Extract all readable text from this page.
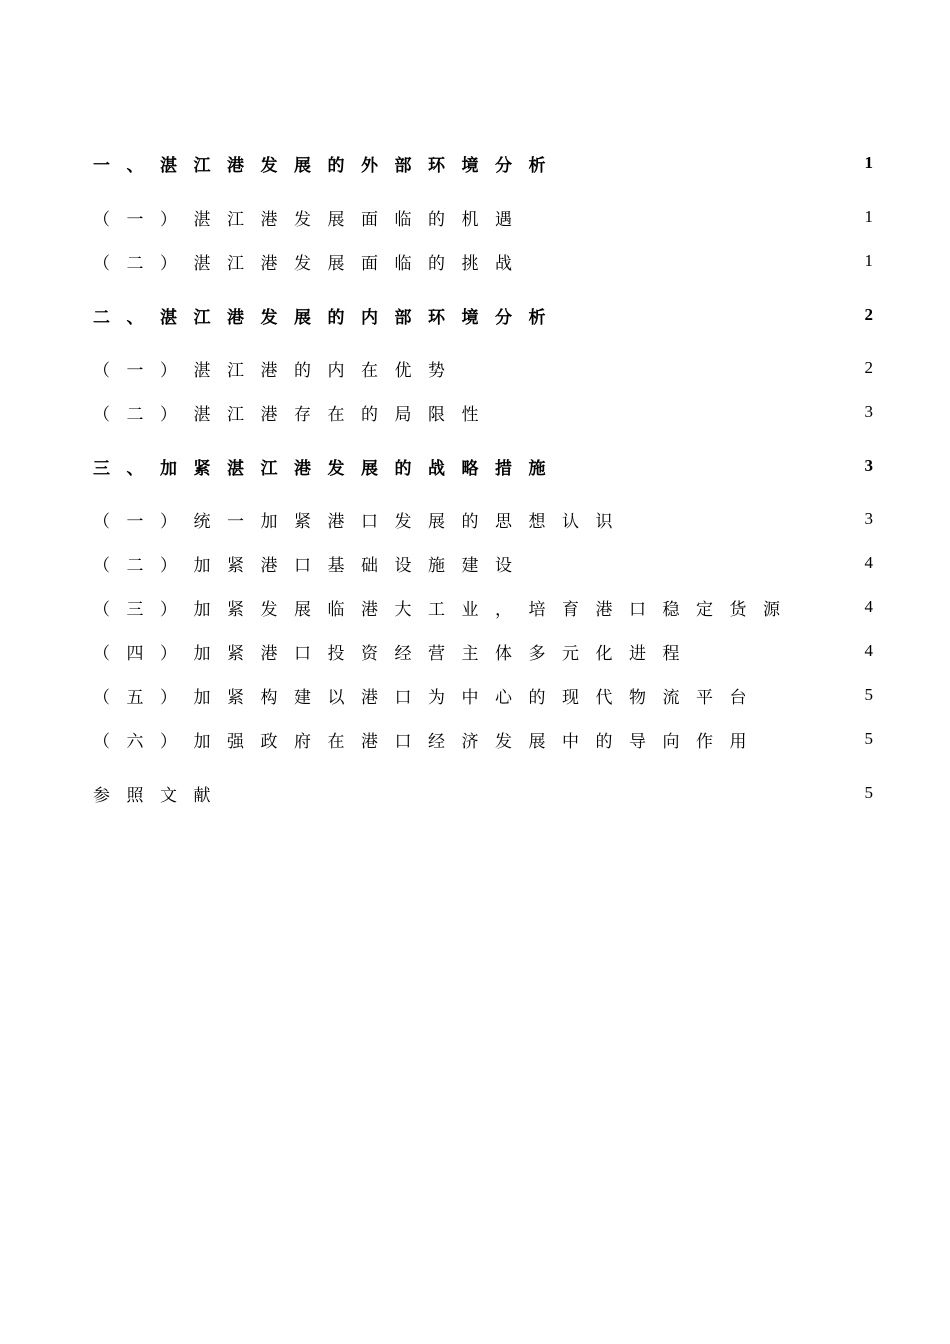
一、湛江港发展的外部环境分析	1
（一）湛江港发展面临的机遇	1
（二）湛江港发展面临的挑战	1
二、湛江港发展的内部环境分析	2
（一）湛江港的内在优势	2
（二）湛江港存在的局限性	3
三、加紧湛江港发展的战略措施	3
（一）统一加紧港口发展的思想认识	3
（二）加紧港口基础设施建设	4
（三）加紧发展临港大工业，培育港口稳定货源	4
（四）加紧港口投资经营主体多元化进程	4
（五）加紧构建以港口为中心的现代物流平台	5
（六）加强政府在港口经济发展中的导向作用	5
参照文献	5
